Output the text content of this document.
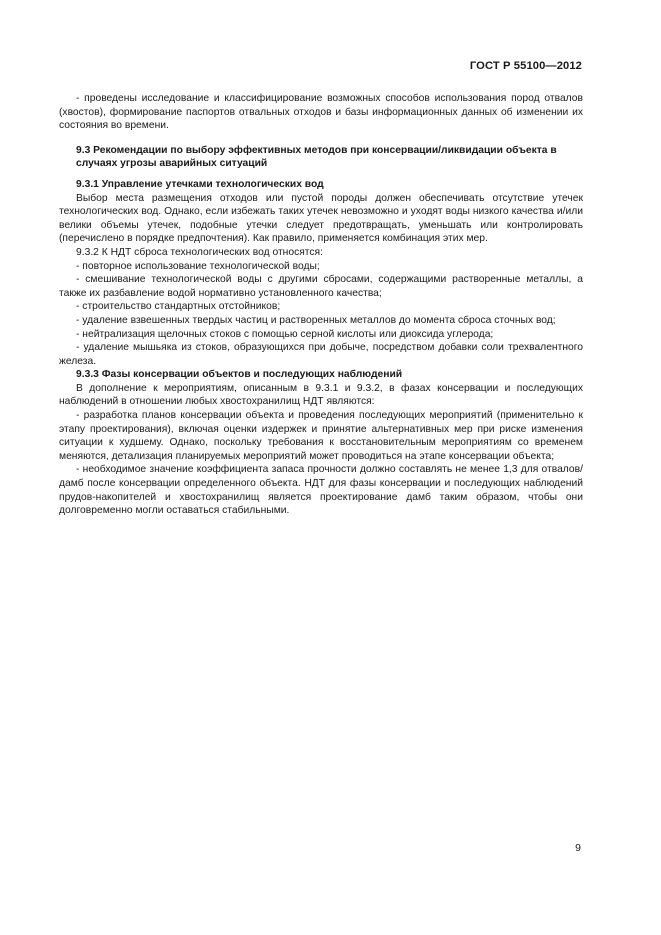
ГОСТ Р 55100—2012

- проведены исследование и классифицирование возможных способов использования пород отвалов (хвостов), формирование паспортов отвальных отходов и базы информационных данных об изменении их состояния во времени.

9.3 Рекомендации по выбору эффективных методов при консервации/ликвидации объекта в случаях угрозы аварийных ситуаций
9.3.1 Управление утечками технологических вод

Выбор места размещения отходов или пустой породы должен обеспечивать отсутствие утечек технологических вод. Однако, если избежать таких утечек невозможно и уходят воды низкого качества и/или велики объемы утечек, подобные утечки следует предотвращать, уменьшать или контролировать (перечислено в порядке предпочтения). Как правило, применяется комбинация этих мер.

9.3.2 К НДТ сброса технологических вод относятся:

- повторное использование технологической воды;

- смешивание технологической воды с другими сбросами, содержащими растворенные металлы, а также их разбавление водой нормативно установленного качества;

- строительство стандартных отстойников;

- удаление взвешенных твердых частиц и растворенных металлов до момента сброса сточных вод;

- нейтрализация щелочных стоков с помощью серной кислоты или диоксида углерода;

- удаление мышьяка из стоков, образующихся при добыче, посредством добавки соли трехвалентного железа.

9.3.3 Фазы консервации объектов и последующих наблюдений

В дополнение к мероприятиям, описанным в 9.3.1 и 9.3.2, в фазах консервации и последующих наблюдений в отношении любых хвостохранилищ НДТ являются:

- разработка планов консервации объекта и проведения последующих мероприятий (применительно к этапу проектирования), включая оценки издержек и принятие альтернативных мер при риске изменения ситуации к худшему. Однако, поскольку требования к восстановительным мероприятиям со временем меняются, детализация планируемых мероприятий может проводиться на этапе консервации объекта;

- необходимое значение коэффициента запаса прочности должно составлять не менее 1,3 для отвалов/дамб после консервации определенного объекта. НДТ для фазы консервации и последующих наблюдений прудов-накопителей и хвостохранилищ является проектирование дамб таким образом, чтобы они долговременно могли оставаться стабильными.

9
